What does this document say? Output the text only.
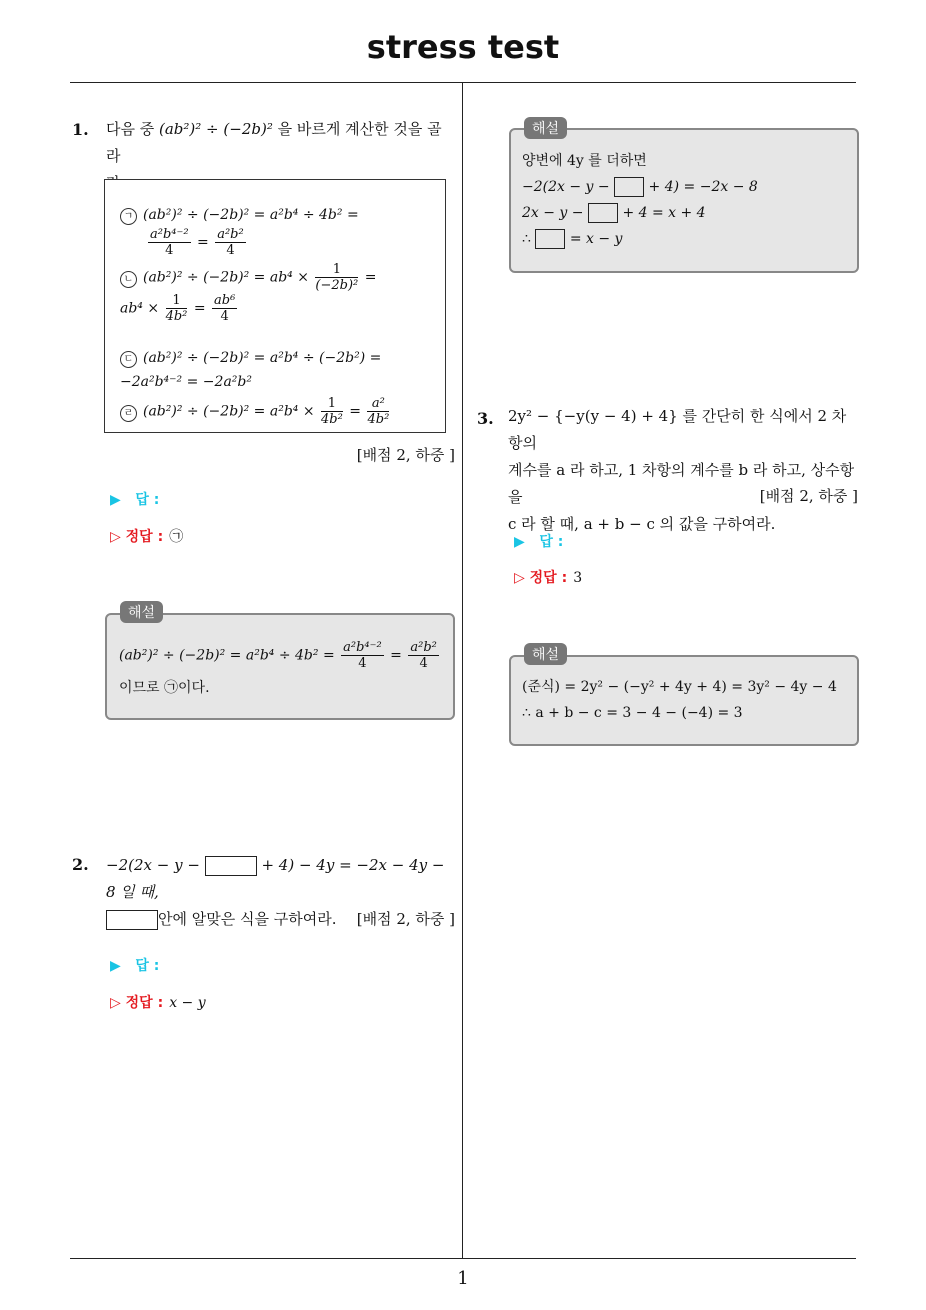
stress test
1
1. 다음 중 (ab²)² ÷ (−2b)² 을 바르게 계산한 것을 골라

ㄱ (ab²)² ÷ (−2b)² = a²b⁴ ÷ 4b² =

$\frac{\text{a²b⁴⁻²}}{4} = \frac{\text{a²b²}}{4}$
ㄴ $(ab^2)^2 \div (-2b)^2 = ab^4 \times \frac{1}{\text{(−2b)²}}$ =
$ab^4 \times \frac{1}{\text{4b²}} = \frac{\text{ab⁶}}{4}$
ㄷ (ab²)² ÷ (−2b)² = a²b⁴ ÷ (−2b²) =
−2a²b⁴⁻² = −2a²b²
ㄹ $(ab^2)^2 \div (-2b)^2 = a^2b^4 \times \frac{1}{\text{4b²}} = \frac{\text{a²}}{\text{4b²}}$
[배점 2, 하중 ]
▶ 답 :
▷ 정답 : ㉠
해설
$(ab^2)^2 \div (-2b)^2 = a^2b^4 \div 4b^2 = \frac{\text{a²b⁴⁻²}}{4} = \frac{\text{a²b²}}{4}$
이므로 ㉠이다.
2. −2(2x − y −	+ 4) − 4y = −2x − 4y − 8 일 때,
안에 알맞은 식을 구하여라.	[배점 2, 하중 ]
▶ 답 :
▷ 정답 : x − y
해설
양변에 4y 를 더하면
−2(2x − y −	+ 4) = −2x − 8
2x − y −	+ 4 = x + 4
∴	= x − y
3. 2y² − {−y(y − 4) + 4} 를 간단히 한 식에서 2 차항의
계수를 a 라 하고, 1 차항의 계수를 b 라 하고, 상수항을
c 라 할 때, a + b − c 의 값을 구하여라.
[배점 2, 하중 ]
▶ 답 :
▷ 정답 : 3
해설
(준식) = 2y² − (−y² + 4y + 4) = 3y² − 4y − 4
∴ a + b − c = 3 − 4 − (−4) = 3
